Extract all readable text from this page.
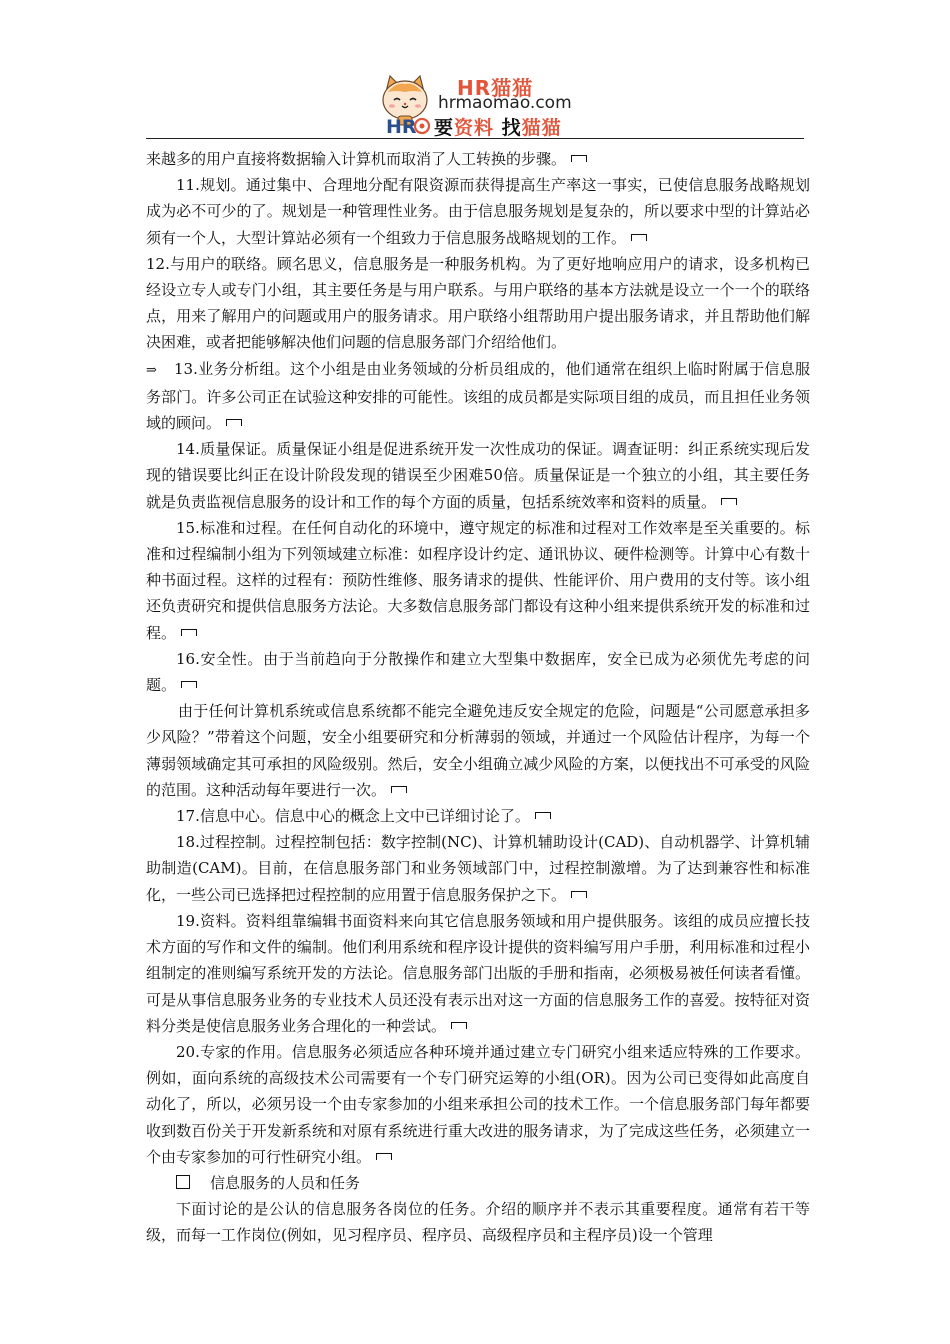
HR猫猫
hrmaomao.com
HR 要资料 找猫猫

来越多的用户直接将数据输入计算机而取消了人工转换的步骤。

11.规划。通过集中、合理地分配有限资源而获得提高生产率这一事实，已使信息服务战略规划成为必不可少的了。规划是一种管理性业务。由于信息服务规划是复杂的，所以要求中型的计算站必须有一个人，大型计算站必须有一个组致力于信息服务战略规划的工作。

12.与用户的联络。顾名思义，信息服务是一种服务机构。为了更好地响应用户的请求，设多机构已经设立专人或专门小组，其主要任务是与用户联系。与用户联络的基本方法就是设立一个一个的联络点，用来了解用户的问题或用户的服务请求。用户联络小组帮助用户提出服务请求，并且帮助他们解决困难，或者把能够解决他们问题的信息服务部门介绍给他们。

⇒ 13.业务分析组。这个小组是由业务领域的分析员组成的，他们通常在组织上临时附属于信息服务部门。许多公司正在试验这种安排的可能性。该组的成员都是实际项目组的成员，而且担任业务领域的顾问。

14.质量保证。质量保证小组是促进系统开发一次性成功的保证。调查证明：纠正系统实现后发现的错误要比纠正在设计阶段发现的错误至少困难50倍。质量保证是一个独立的小组，其主要任务就是负责监视信息服务的设计和工作的每个方面的质量，包括系统效率和资料的质量。

15.标准和过程。在任何自动化的环境中，遵守规定的标准和过程对工作效率是至关重要的。标准和过程编制小组为下列领域建立标准：如程序设计约定、通讯协议、硬件检测等。计算中心有数十种书面过程。这样的过程有：预防性维修、服务请求的提供、性能评价、用户费用的支付等。该小组还负责研究和提供信息服务方法论。大多数信息服务部门都设有这种小组来提供系统开发的标准和过程。

16.安全性。由于当前趋向于分散操作和建立大型集中数据库，安全已成为必须优先考虑的问题。

由于任何计算机系统或信息系统都不能完全避免违反安全规定的危险，问题是“公司愿意承担多少风险？”带着这个问题，安全小组要研究和分析薄弱的领域，并通过一个风险估计程序，为每一个薄弱领域确定其可承担的风险级别。然后，安全小组确立减少风险的方案，以便找出不可承受的风险的范围。这种活动每年要进行一次。

17.信息中心。信息中心的概念上文中已详细讨论了。

18.过程控制。过程控制包括：数字控制(NC)、计算机辅助设计(CAD)、自动机器学、计算机辅助制造(CAM)。目前，在信息服务部门和业务领域部门中，过程控制激增。为了达到兼容性和标准化，一些公司已选择把过程控制的应用置于信息服务保护之下。

19.资料。资料组靠编辑书面资料来向其它信息服务领域和用户提供服务。该组的成员应擅长技术方面的写作和文件的编制。他们利用系统和程序设计提供的资料编写用户手册，利用标准和过程小组制定的准则编写系统开发的方法论。信息服务部门出版的手册和指南，必须极易被任何读者看懂。可是从事信息服务业务的专业技术人员还没有表示出对这一方面的信息服务工作的喜爱。按特征对资料分类是使信息服务业务合理化的一种尝试。

20.专家的作用。信息服务必须适应各种环境并通过建立专门研究小组来适应特殊的工作要求。例如，面向系统的高级技术公司需要有一个专门研究运筹的小组(OR)。因为公司已变得如此高度自动化了，所以，必须另设一个由专家参加的小组来承担公司的技术工作。一个信息服务部门每年都要收到数百份关于开发新系统和对原有系统进行重大改进的服务请求，为了完成这些任务，必须建立一个由专家参加的可行性研究小组。

信息服务的人员和任务

下面讨论的是公认的信息服务各岗位的任务。介绍的顺序并不表示其重要程度。通常有若干等级，而每一工作岗位(例如，见习程序员、程序员、高级程序员和主程序员)设一个管理
